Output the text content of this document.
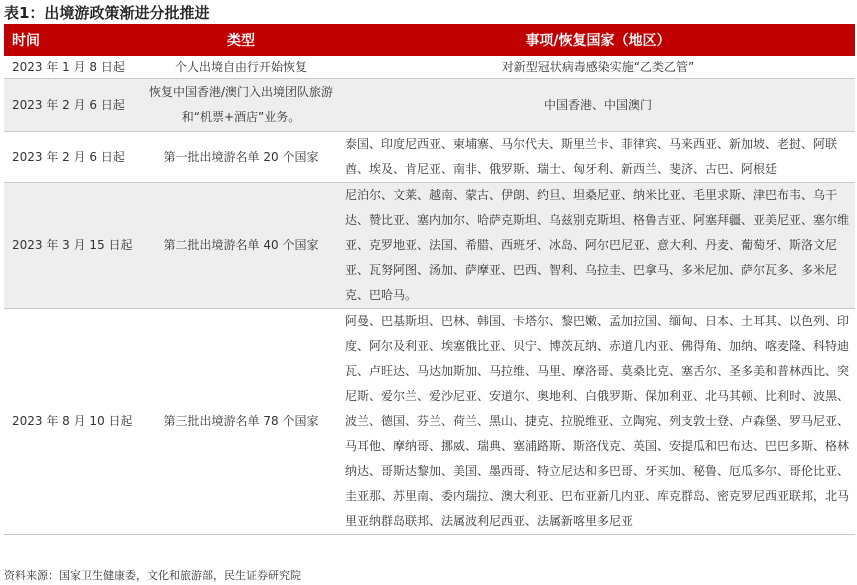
表1：出境游政策渐进分批推进
时间	类型	事项/恢复国家（地区）
2023 年 1 月 8 日起	个人出境自由行开始恢复	对新型冠状病毒感染实施“乙类乙管”
2023 年 2 月 6 日起	恢复中国香港/澳门入出境团队旅游和“机票+酒店”业务。	中国香港、中国澳门
2023 年 2 月 6 日起	第一批出境游名单 20 个国家	泰国、印度尼西亚、柬埔寨、马尔代夫、斯里兰卡、菲律宾、马来西亚、新加坡、老挝、阿联酋、埃及、肯尼亚、南非、俄罗斯、瑞士、匈牙利、新西兰、斐济、古巴、阿根廷
2023 年 3 月 15 日起	第二批出境游名单 40 个国家	尼泊尔、文莱、越南、蒙古、伊朗、约旦、坦桑尼亚、纳米比亚、毛里求斯、津巴布韦、乌干达、赞比亚、塞内加尔、哈萨克斯坦、乌兹别克斯坦、格鲁吉亚、阿塞拜疆、亚美尼亚、塞尔维亚、克罗地亚、法国、希腊、西班牙、冰岛、阿尔巴尼亚、意大利、丹麦、葡萄牙、斯洛文尼亚、瓦努阿图、汤加、萨摩亚、巴西、智利、乌拉圭、巴拿马、多米尼加、萨尔瓦多、多米尼克、巴哈马。
2023 年 8 月 10 日起	第三批出境游名单 78 个国家	阿曼、巴基斯坦、巴林、韩国、卡塔尔、黎巴嫩、孟加拉国、缅甸、日本、土耳其、以色列、印度、阿尔及利亚、埃塞俄比亚、贝宁、博茨瓦纳、赤道几内亚、佛得角、加纳、喀麦隆、科特迪瓦、卢旺达、马达加斯加、马拉维、马里、摩洛哥、莫桑比克、塞舌尔、圣多美和普林西比、突尼斯、爱尔兰、爱沙尼亚、安道尔、奥地利、白俄罗斯、保加利亚、北马其顿、比利时、波黑、波兰、德国、芬兰、荷兰、黑山、捷克、拉脱维亚、立陶宛、列支敦士登、卢森堡、罗马尼亚、马耳他、摩纳哥、挪威、瑞典、塞浦路斯、斯洛伐克、英国、安提瓜和巴布达、巴巴多斯、格林纳达、哥斯达黎加、美国、墨西哥、特立尼达和多巴哥、牙买加、秘鲁、厄瓜多尔、哥伦比亚、圭亚那、苏里南、委内瑞拉、澳大利亚、巴布亚新几内亚、库克群岛、密克罗尼西亚联邦，北马里亚纳群岛联邦、法属波利尼西亚、法属新喀里多尼亚
资料来源：国家卫生健康委，文化和旅游部，民生证券研究院
